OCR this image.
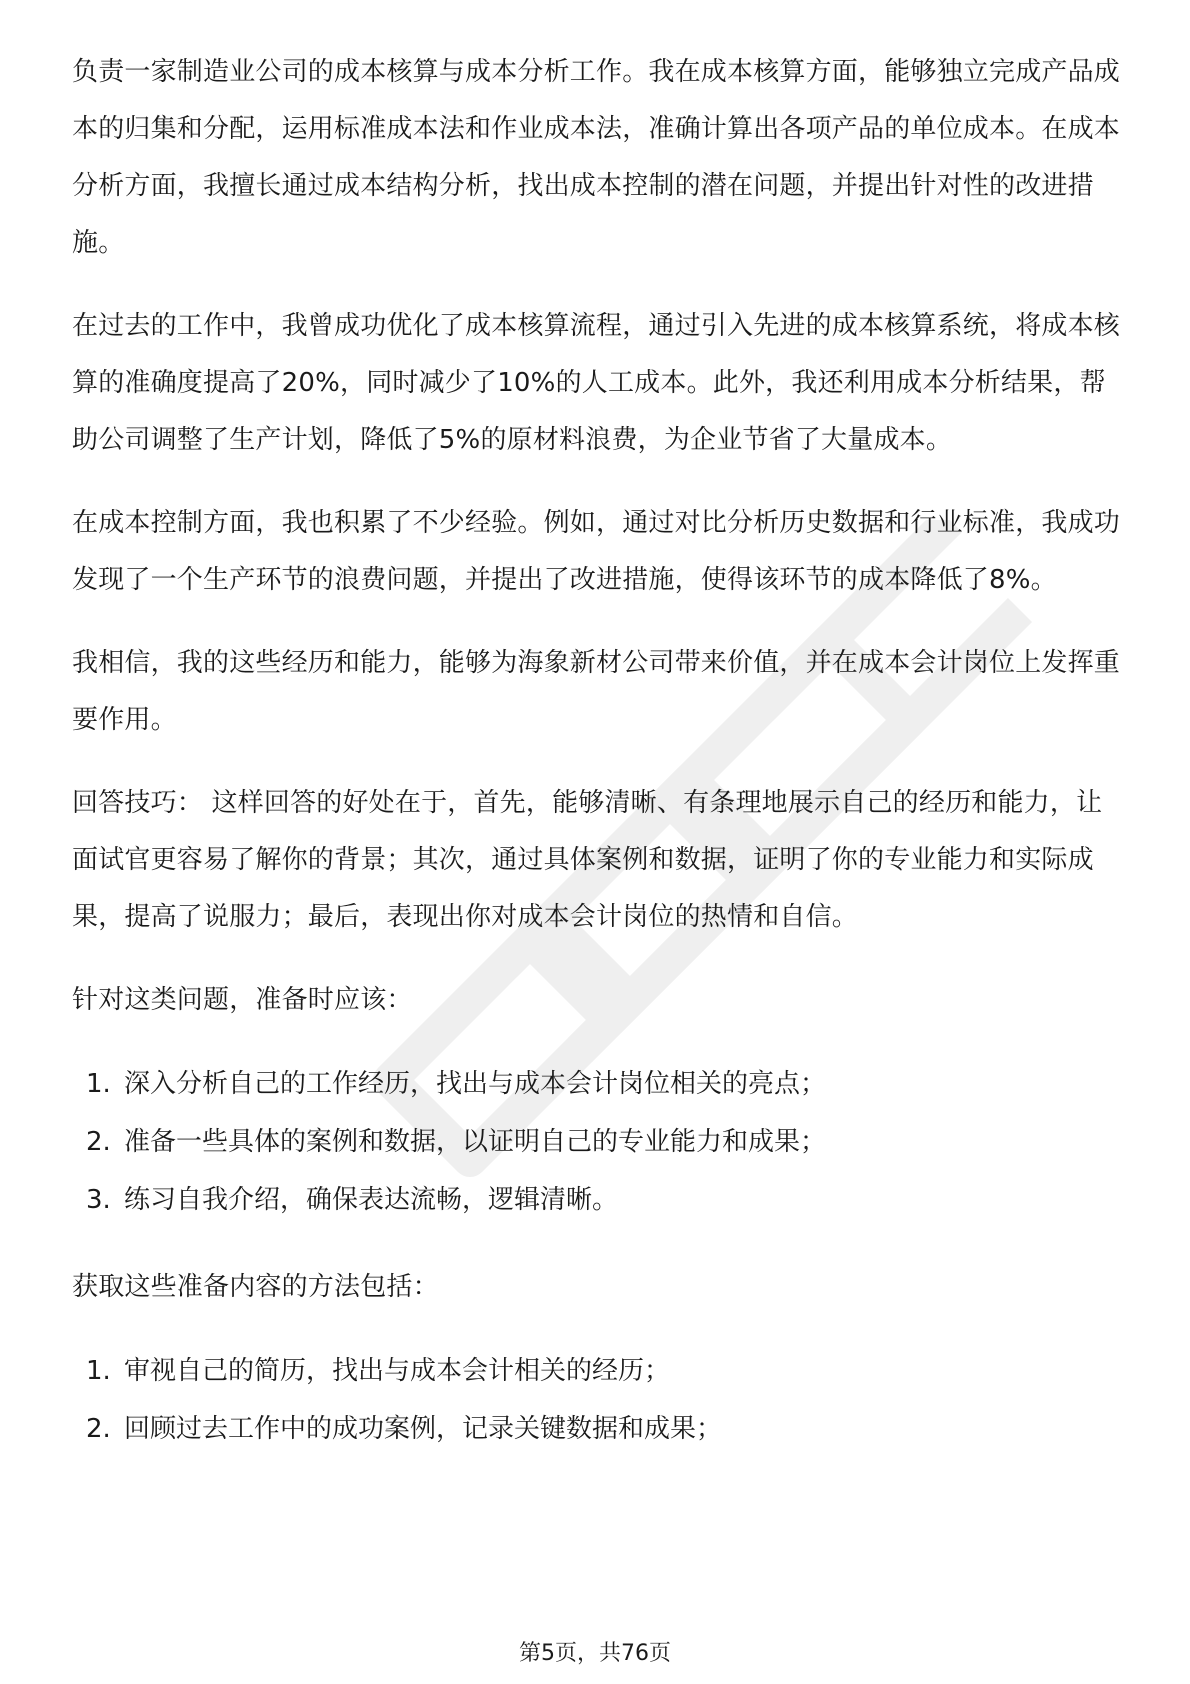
负责一家制造业公司的成本核算与成本分析工作。我在成本核算方面，能够独立完成产品成本的归集和分配，运用标准成本法和作业成本法，准确计算出各项产品的单位成本。在成本分析方面，我擅长通过成本结构分析，找出成本控制的潜在问题，并提出针对性的改进措施。

在过去的工作中，我曾成功优化了成本核算流程，通过引入先进的成本核算系统，将成本核算的准确度提高了20%，同时减少了10%的人工成本。此外，我还利用成本分析结果，帮助公司调整了生产计划，降低了5%的原材料浪费，为企业节省了大量成本。

在成本控制方面，我也积累了不少经验。例如，通过对比分析历史数据和行业标准，我成功发现了一个生产环节的浪费问题，并提出了改进措施，使得该环节的成本降低了8%。

我相信，我的这些经历和能力，能够为海象新材公司带来价值，并在成本会计岗位上发挥重要作用。

回答技巧： 这样回答的好处在于，首先，能够清晰、有条理地展示自己的经历和能力，让面试官更容易了解你的背景；其次，通过具体案例和数据，证明了你的专业能力和实际成果，提高了说服力；最后，表现出你对成本会计岗位的热情和自信。

针对这类问题，准备时应该：

1. 深入分析自己的工作经历，找出与成本会计岗位相关的亮点；
2. 准备一些具体的案例和数据，以证明自己的专业能力和成果；
3. 练习自我介绍，确保表达流畅，逻辑清晰。

获取这些准备内容的方法包括：

1. 审视自己的简历，找出与成本会计相关的经历；
2. 回顾过去工作中的成功案例，记录关键数据和成果；
第5页，共76页
